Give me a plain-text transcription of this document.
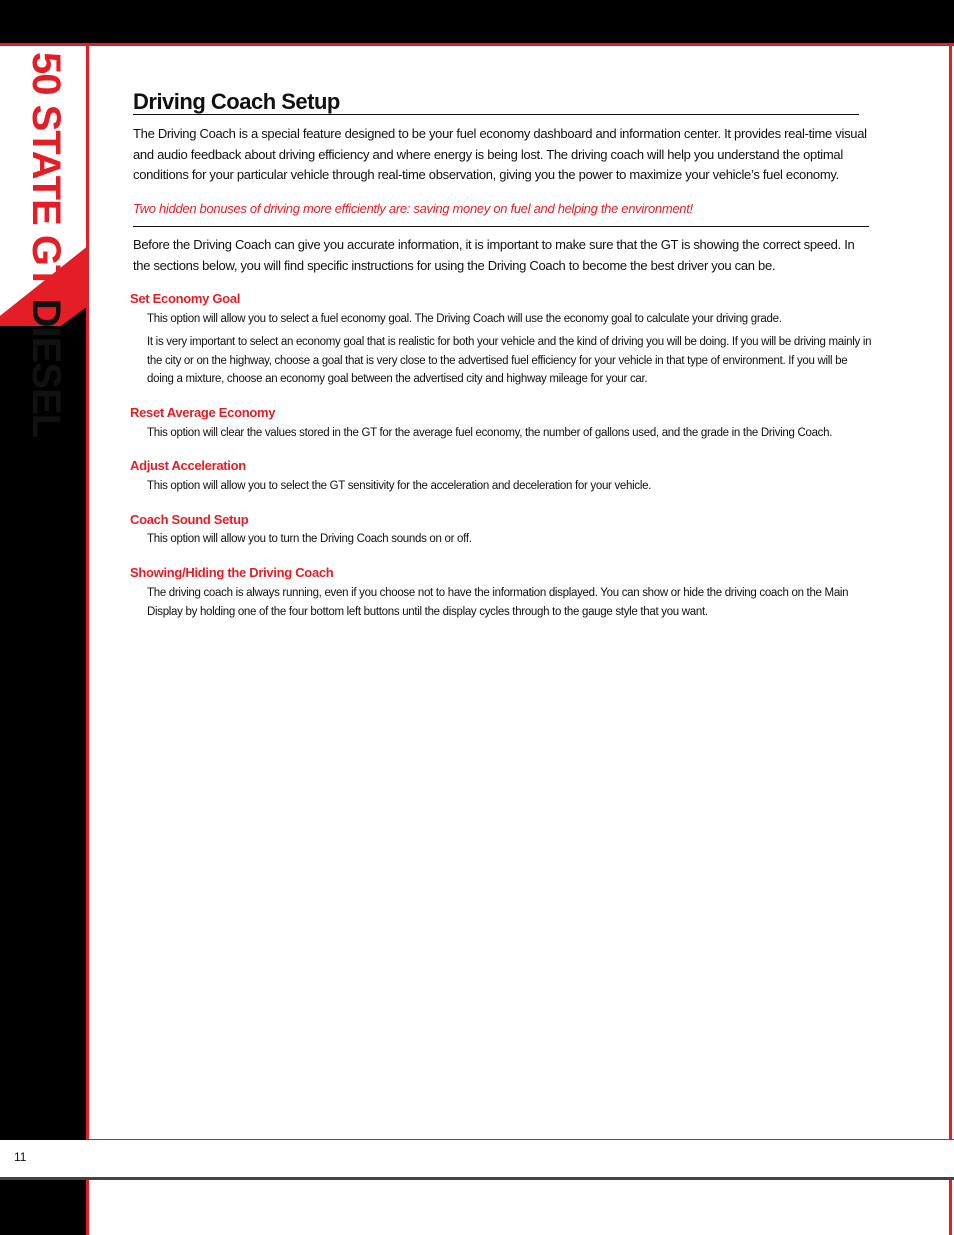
50 STATE GT DIESEL
Driving Coach Setup
The Driving Coach is a special feature designed to be your fuel economy dashboard and information center. It provides real-time visual and audio feedback about driving efficiency and where energy is being lost. The driving coach will help you understand the optimal conditions for your particular vehicle through real-time observation, giving you the power to maximize your vehicle’s fuel economy.
Two hidden bonuses of driving more efficiently are: saving money on fuel and helping the environment!
Before the Driving Coach can give you accurate information, it is important to make sure that the GT is showing the correct speed. In the sections below, you will find specific instructions for using the Driving Coach to become the best driver you can be.
Set Economy Goal
This option will allow you to select a fuel economy goal. The Driving Coach will use the economy goal to calculate your driving grade.
It is very important to select an economy goal that is realistic for both your vehicle and the kind of driving you will be doing. If you will be driving mainly in the city or on the highway, choose a goal that is very close to the advertised fuel efficiency for your vehicle in that type of environment. If you will be doing a mixture, choose an economy goal between the advertised city and highway mileage for your car.
Reset Average Economy
This option will clear the values stored in the GT for the average fuel economy, the number of gallons used, and the grade in the Driving Coach.
Adjust Acceleration
This option will allow you to select the GT sensitivity for the acceleration and deceleration for your vehicle.
Coach Sound Setup
This option will allow you to turn the Driving Coach sounds on or off.
Showing/Hiding the Driving Coach
The driving coach is always running, even if you choose not to have the information displayed. You can show or hide the driving coach on the Main Display by holding one of the four bottom left buttons until the display cycles through to the gauge style that you want.
11
